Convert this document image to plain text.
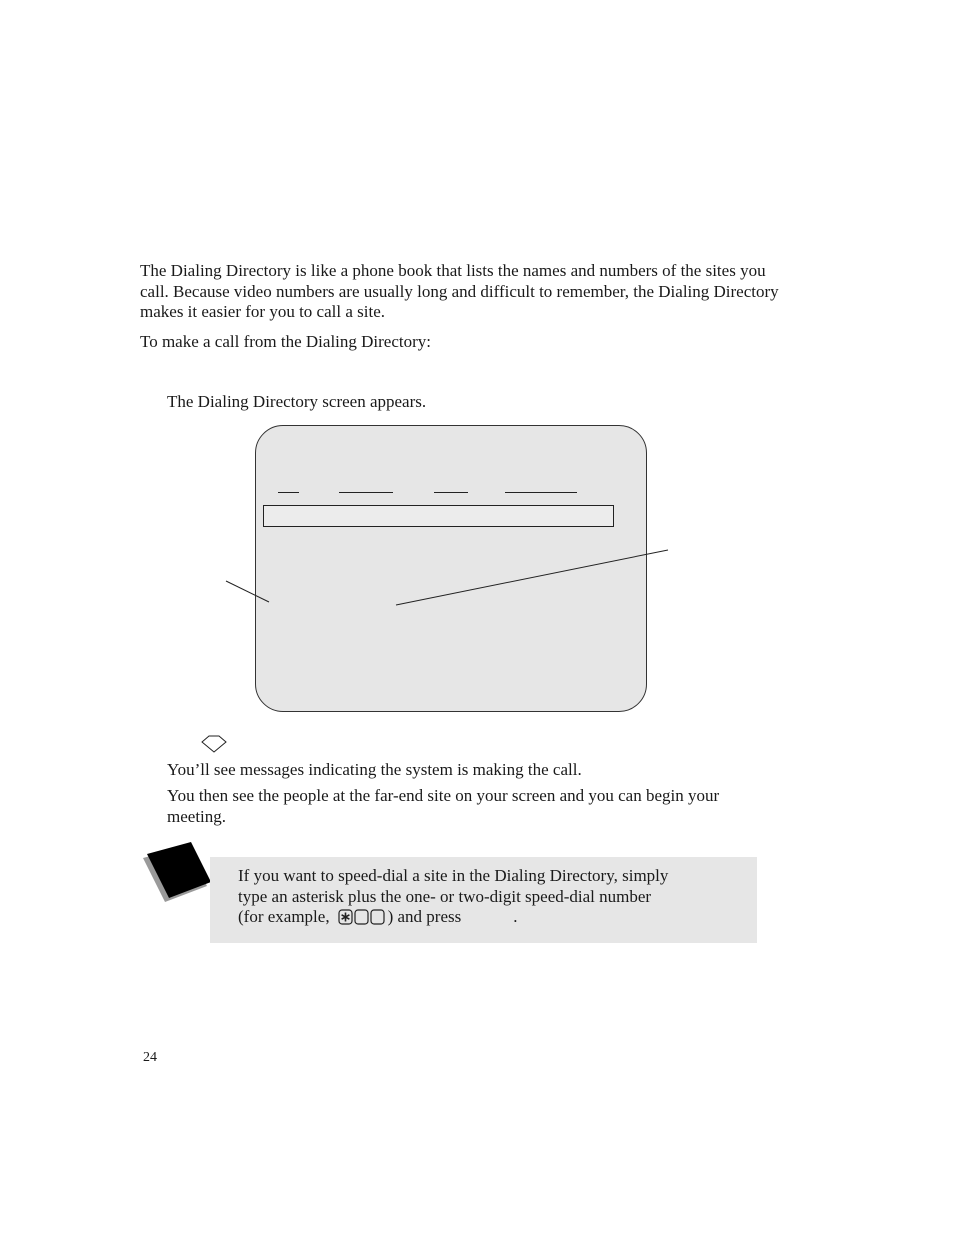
The Dialing Directory is like a phone book that lists the names and numbers of the sites you call. Because video numbers are usually long and difficult to remember, the Dialing Directory makes it easier for you to call a site.

To make a call from the Dialing Directory:

The Dialing Directory screen appears.

You’ll see messages indicating the system is making the call.

You then see the people at the far-end site on your screen and you can begin your meeting.

If you want to speed-dial a site in the Dialing Directory, simply
type an asterisk plus the one- or two-digit speed-dial number
(for example,	) and press	.

24
